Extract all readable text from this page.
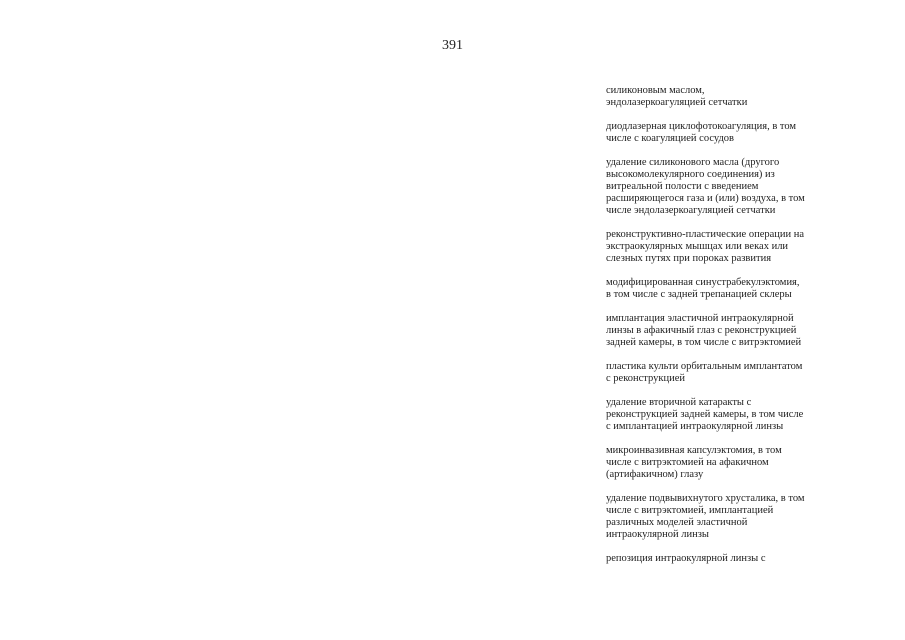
391
силиконовым маслом,
эндолазеркоагуляцией сетчатки
диодлазерная циклофотокоагуляция, в том
числе с коагуляцией сосудов
удаление силиконового масла (другого
высокомолекулярного соединения) из
витреальной полости с введением
расширяющегося газа и (или) воздуха, в том
числе эндолазеркоагуляцией сетчатки
реконструктивно-пластические операции на
экстраокулярных мышцах или веках или
слезных путях при пороках развития
модифицированная синустрабекулэктомия,
в том числе с задней трепанацией склеры
имплантация эластичной интраокулярной
линзы в афакичный глаз с реконструкцией
задней камеры, в том числе с витрэктомией
пластика культи орбитальным имплантатом
с реконструкцией
удаление вторичной катаракты с
реконструкцией задней камеры, в том числе
с имплантацией интраокулярной линзы
микроинвазивная капсулэктомия, в том
числе с витрэктомией на афакичном
(артифакичном) глазу
удаление подвывихнутого хрусталика, в том
числе с витрэктомией, имплантацией
различных моделей эластичной
интраокулярной линзы
репозиция интраокулярной линзы с
